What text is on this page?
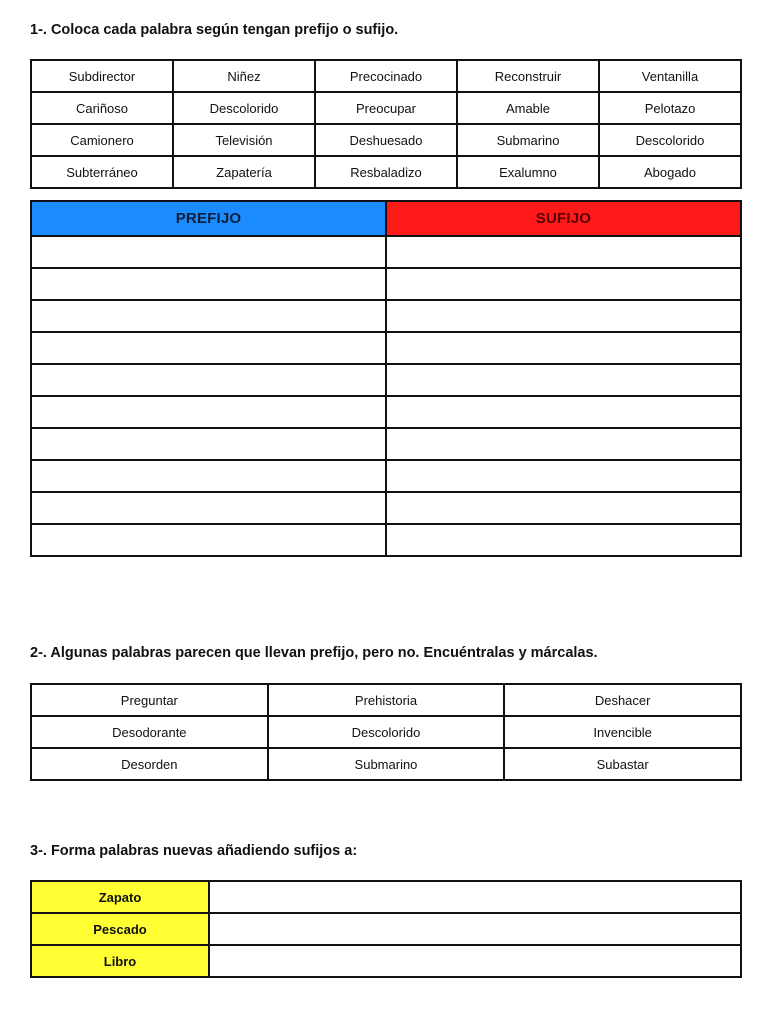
1-. Coloca cada palabra según tengan prefijo o sufijo.
Subdirector	Niñez	Precocinado	Reconstruir	Ventanilla
Cariñoso	Descolorido	Preocupar	Amable	Pelotazo
Camionero	Televisión	Deshuesado	Submarino	Descolorido
Subterráneo	Zapatería	Resbaladizo	Exalumno	Abogado
PREFIJO	SUFIJO

2-. Algunas palabras parecen que llevan prefijo, pero no. Encuéntralas y márcalas.
Preguntar	Prehistoria	Deshacer
Desodorante	Descolorido	Invencible
Desorden	Submarino	Subastar
3-. Forma palabras nuevas añadiendo sufijos a:
Zapato	
Pescado	
Libro	
